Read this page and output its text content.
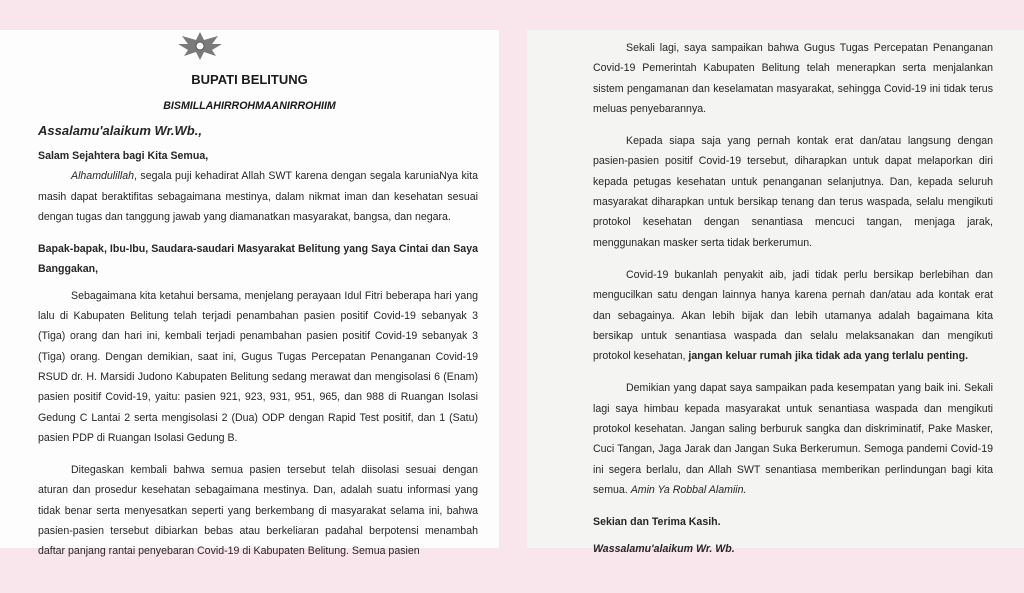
BUPATI BELITUNG
BISMILLAHIRROHMAANIRROHIIM

Assalamu'alaikum Wr.Wb.,

Salam Sejahtera bagi Kita Semua,

Alhamdulillah, segala puji kehadirat Allah SWT karena dengan segala karuniaNya kita masih dapat beraktifitas sebagaimana mestinya, dalam nikmat iman dan kesehatan sesuai dengan tugas dan tanggung jawab yang diamanatkan masyarakat, bangsa, dan negara.

Bapak-bapak, Ibu-Ibu, Saudara-saudari Masyarakat Belitung yang Saya Cintai dan Saya Banggakan,

Sebagaimana kita ketahui bersama, menjelang perayaan Idul Fitri beberapa hari yang lalu di Kabupaten Belitung telah terjadi penambahan pasien positif Covid-19 sebanyak 3 (Tiga) orang dan hari ini, kembali terjadi penambahan pasien positif Covid-19 sebanyak 3 (Tiga) orang. Dengan demikian, saat ini, Gugus Tugas Percepatan Penanganan Covid-19 RSUD dr. H. Marsidi Judono Kabupaten Belitung sedang merawat dan mengisolasi 6 (Enam) pasien positif Covid-19, yaitu: pasien 921, 923, 931, 951, 965, dan 988 di Ruangan Isolasi Gedung C Lantai 2 serta mengisolasi 2 (Dua) ODP dengan Rapid Test positif, dan 1 (Satu) pasien PDP di Ruangan Isolasi Gedung B.

Ditegaskan kembali bahwa semua pasien tersebut telah diisolasi sesuai dengan aturan dan prosedur kesehatan sebagaimana mestinya. Dan, adalah suatu informasi yang tidak benar serta menyesatkan seperti yang berkembang di masyarakat selama ini, bahwa pasien-pasien tersebut dibiarkan bebas atau berkeliaran padahal berpotensi menambah daftar panjang rantai penyebaran Covid-19 di Kabupaten Belitung. Semua pasien

Sekali lagi, saya sampaikan bahwa Gugus Tugas Percepatan Penanganan Covid-19 Pemerintah Kabupaten Belitung telah menerapkan serta menjalankan sistem pengamanan dan keselamatan masyarakat, sehingga Covid-19 ini tidak terus meluas penyebarannya.

Kepada siapa saja yang pernah kontak erat dan/atau langsung dengan pasien-pasien positif Covid-19 tersebut, diharapkan untuk dapat melaporkan diri kepada petugas kesehatan untuk penanganan selanjutnya. Dan, kepada seluruh masyarakat diharapkan untuk bersikap tenang dan terus waspada, selalu mengikuti protokol kesehatan dengan senantiasa mencuci tangan, menjaga jarak, menggunakan masker serta tidak berkerumun.

Covid-19 bukanlah penyakit aib, jadi tidak perlu bersikap berlebihan dan mengucilkan satu dengan lainnya hanya karena pernah dan/atau ada kontak erat dan sebagainya. Akan lebih bijak dan lebih utamanya adalah bagaimana kita bersikap untuk senantiasa waspada dan selalu melaksanakan dan mengikuti protokol kesehatan, jangan keluar rumah jika tidak ada yang terlalu penting.

Demikian yang dapat saya sampaikan pada kesempatan yang baik ini. Sekali lagi saya himbau kepada masyarakat untuk senantiasa waspada dan mengikuti protokol kesehatan. Jangan saling berburuk sangka dan diskriminatif, Pake Masker, Cuci Tangan, Jaga Jarak dan Jangan Suka Berkerumun. Semoga pandemi Covid-19 ini segera berlalu, dan Allah SWT senantiasa memberikan perlindungan bagi kita semua. Amin Ya Robbal Alamiin.

Sekian dan Terima Kasih.

Wassalamu'alaikum Wr. Wb.
